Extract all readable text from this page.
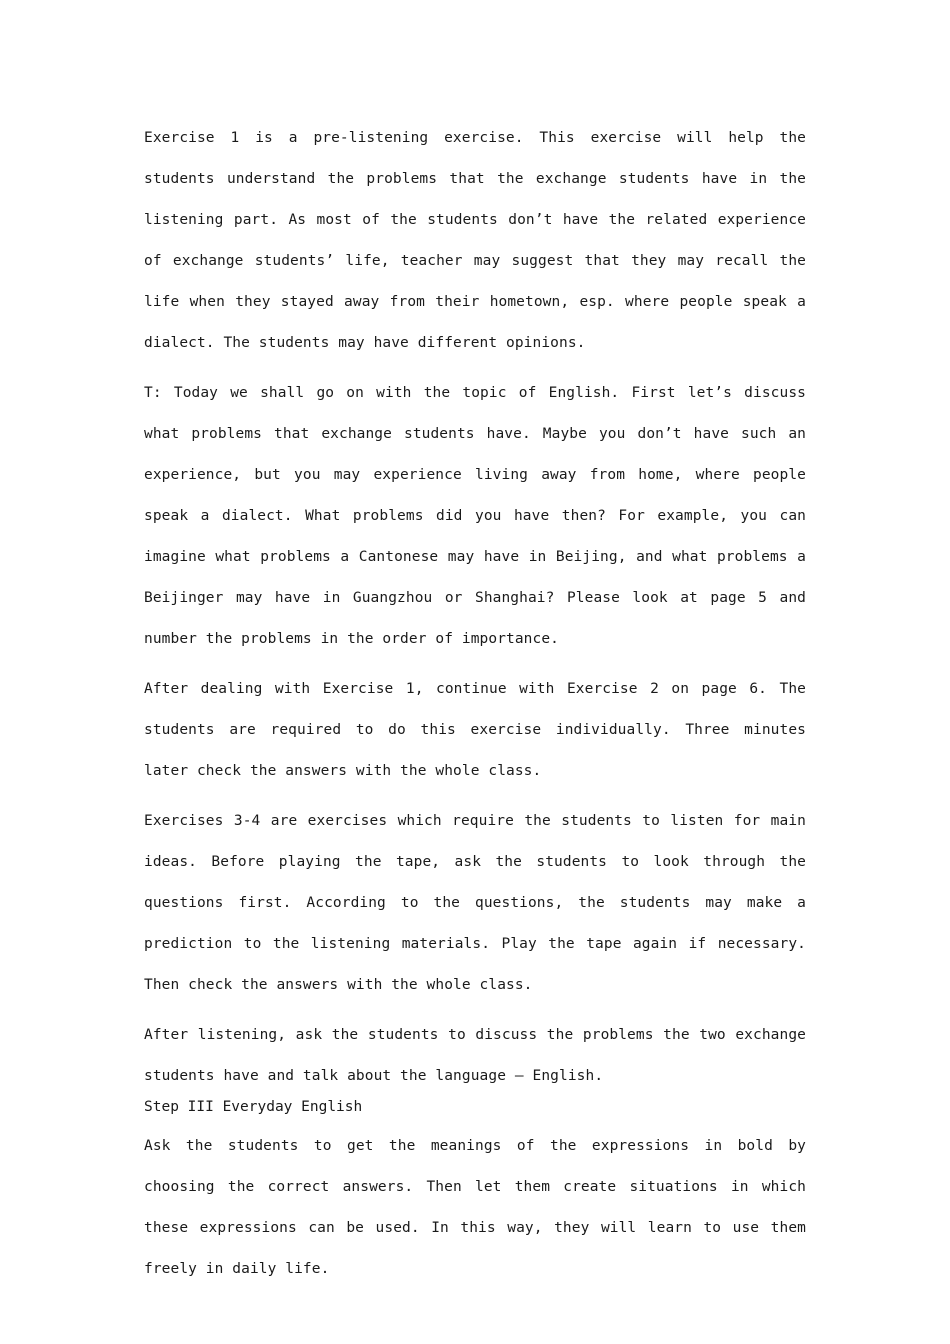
Exercise 1 is a pre-listening exercise. This exercise will help the students understand the problems that the exchange students have in the listening part. As most of the students don’t have the related experience of exchange students’ life, teacher may suggest that they may recall the life when they stayed away from their hometown, esp. where people speak a dialect. The students may have different opinions.

T: Today we shall go on with the topic of English. First let’s discuss what problems that exchange students have. Maybe you don’t have such an experience, but you may experience living away from home, where people speak a dialect. What problems did you have then? For example, you can imagine what problems a Cantonese may have in Beijing, and what problems a Beijinger may have in Guangzhou or Shanghai? Please look at page 5 and number the problems in the order of importance.

After dealing with Exercise 1, continue with Exercise 2 on page 6. The students are required to do this exercise individually. Three minutes later check the answers with the whole class.

Exercises 3-4 are exercises which require the students to listen for main ideas. Before playing the tape, ask the students to look through the questions first. According to the questions, the students may make a prediction to the listening materials. Play the tape again if necessary. Then check the answers with the whole class.

After listening, ask the students to discuss the problems the two exchange students have and talk about the language — English.

Step III Everyday English

Ask the students to get the meanings of the expressions in bold by choosing the correct answers. Then let them create situations in which these expressions can be used. In this way, they will learn to use them freely in daily life.
